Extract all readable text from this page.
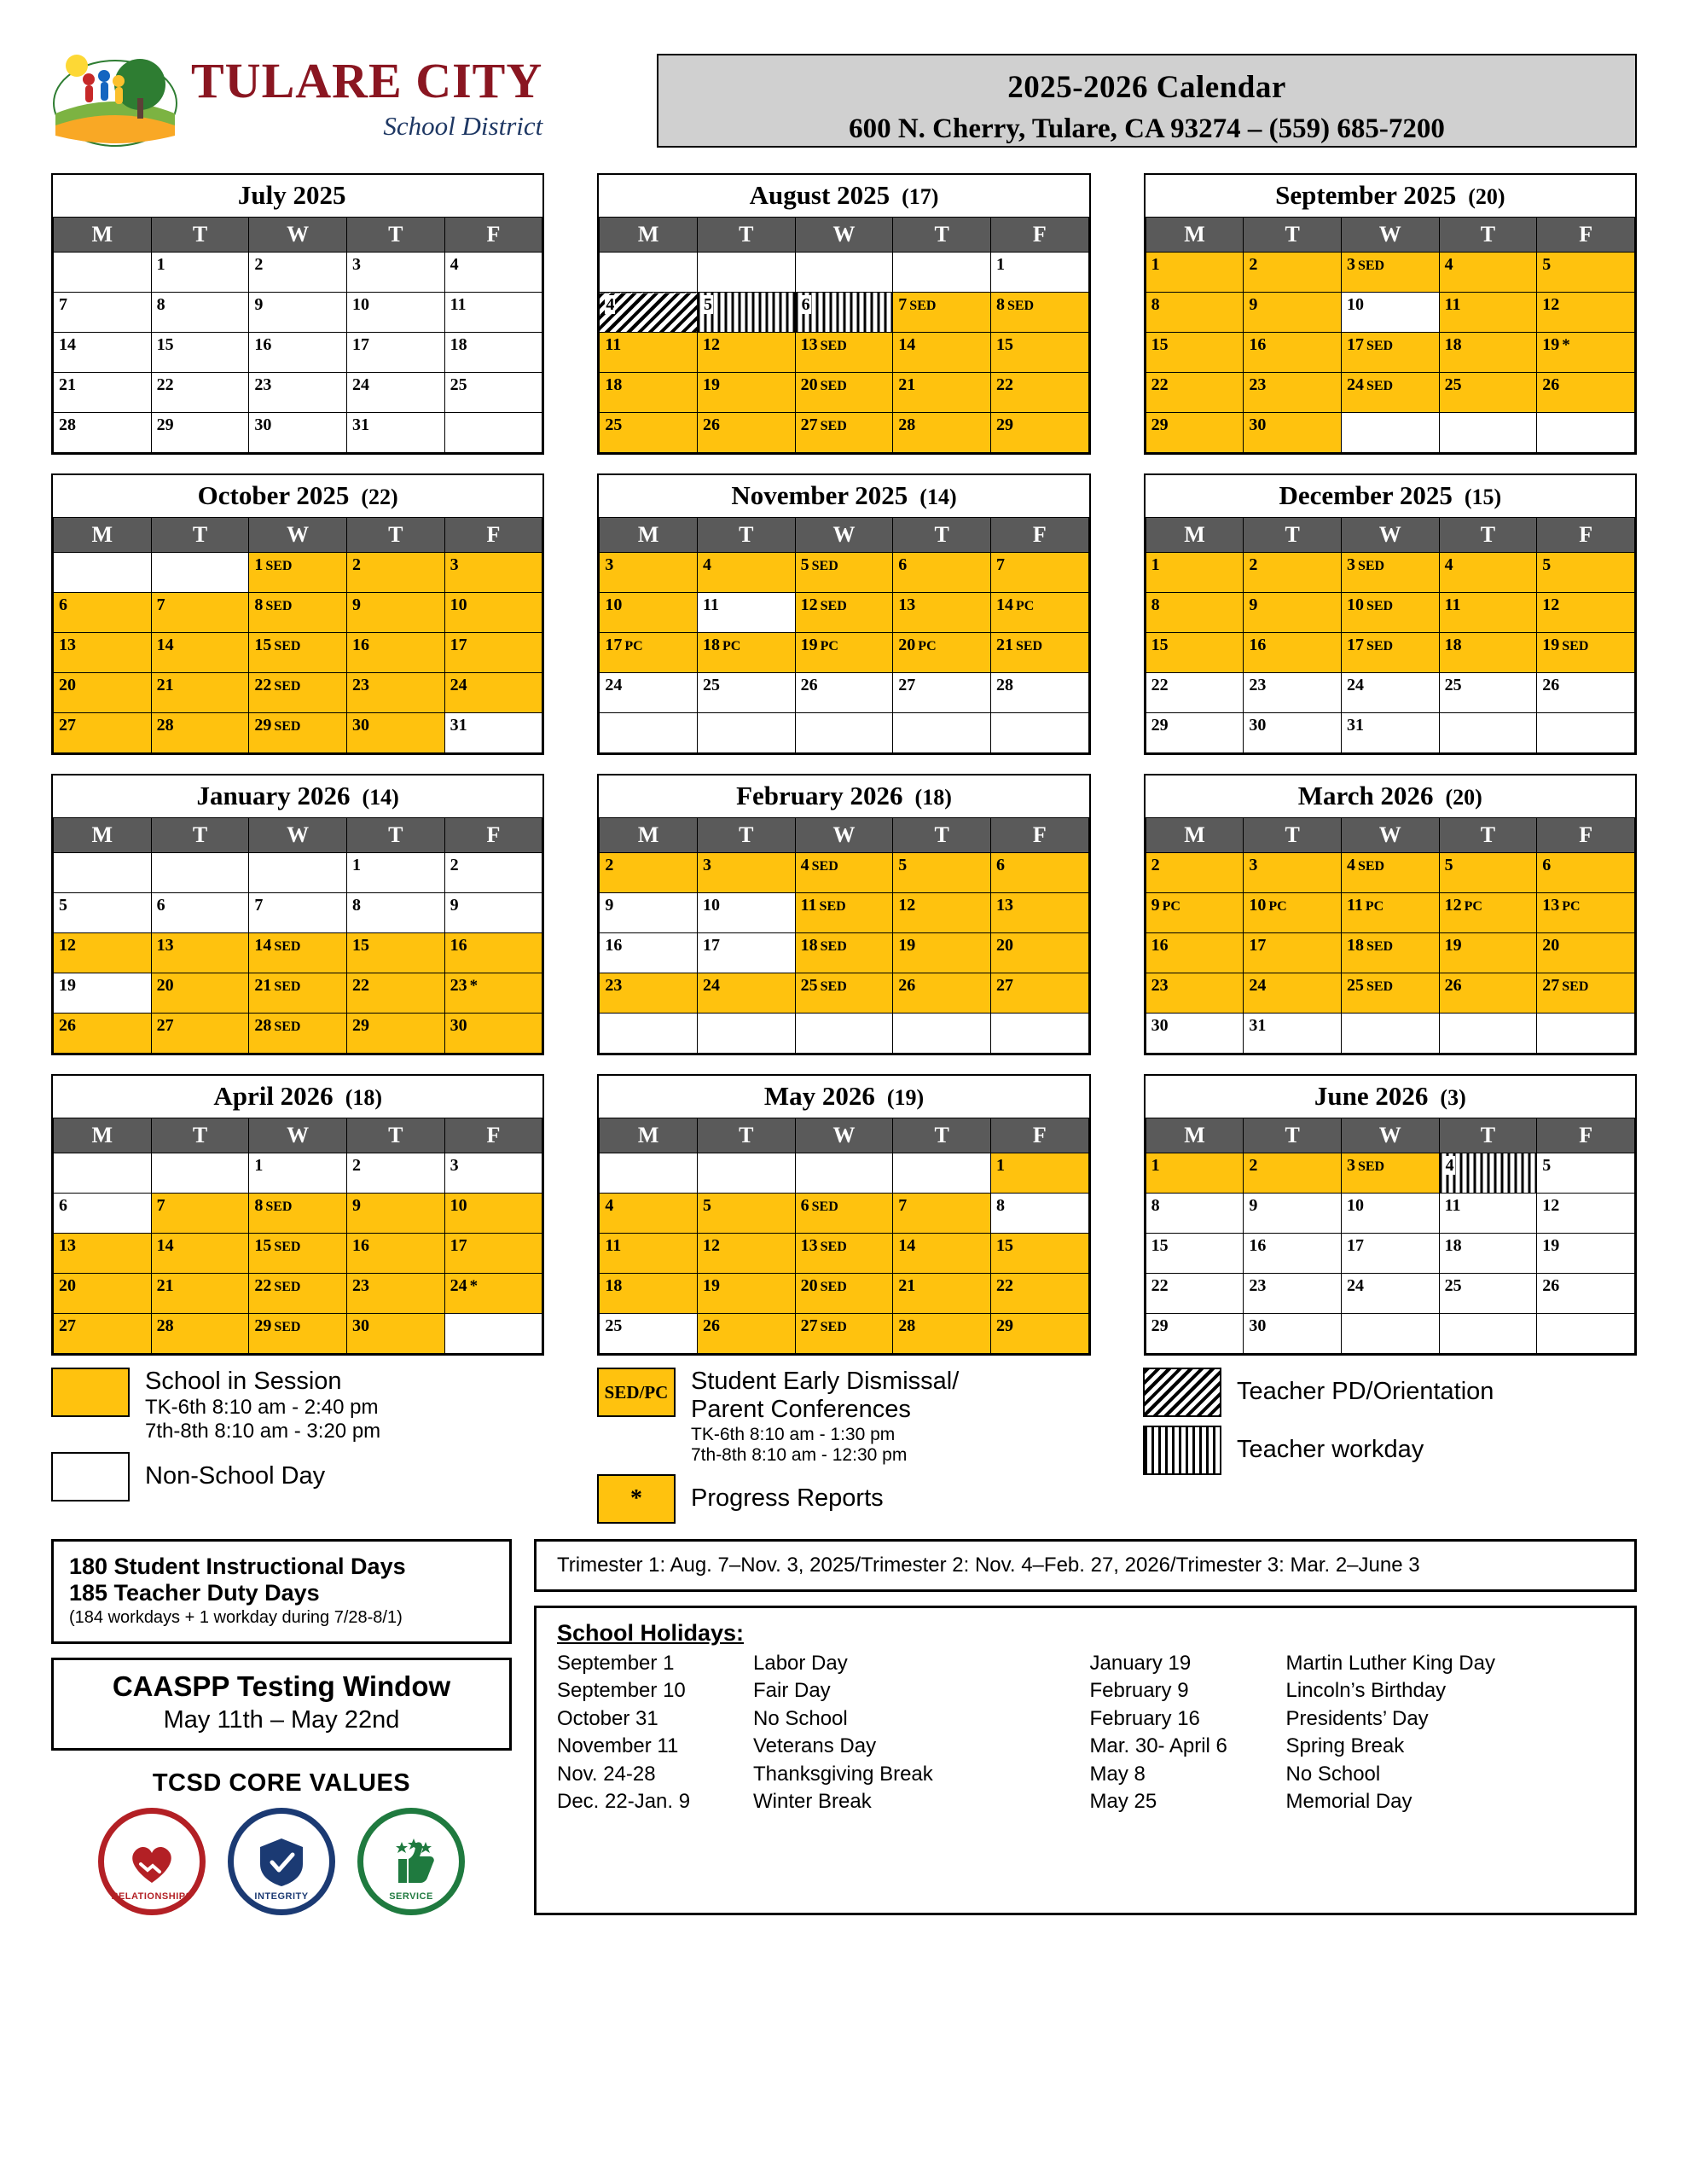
TULARE CITY
School District
2025-2026 Calendar
600 N. Cherry, Tulare, CA 93274 – (559) 685-7200
July 2025
M	T	W	T	F
	1	2	3	4
7	8	9	10	11
14	15	16	17	18
21	22	23	24	25
28	29	30	31	
August 2025 (17)
M	T	W	T	F
				1
4	5	6	7 SED	8 SED
11	12	13 SED	14	15
18	19	20 SED	21	22
25	26	27 SED	28	29
September 2025 (20)
M	T	W	T	F
1	2	3 SED	4	5
8	9	10	11	12
15	16	17 SED	18	19 *
22	23	24 SED	25	26
29	30			
October 2025 (22)
M	T	W	T	F
		1 SED	2	3
6	7	8 SED	9	10
13	14	15 SED	16	17
20	21	22 SED	23	24
27	28	29 SED	30	31
November 2025 (14)
M	T	W	T	F
3	4	5 SED	6	7
10	11	12 SED	13	14 PC
17 PC	18 PC	19 PC	20 PC	21 SED
24	25	26	27	28

December 2025 (15)
M	T	W	T	F
1	2	3 SED	4	5
8	9	10 SED	11	12
15	16	17 SED	18	19 SED
22	23	24	25	26
29	30	31		
January 2026 (14)
M	T	W	T	F
			1	2
5	6	7	8	9
12	13	14 SED	15	16
19	20	21 SED	22	23 *
26	27	28 SED	29	30
February 2026 (18)
M	T	W	T	F
2	3	4 SED	5	6
9	10	11 SED	12	13
16	17	18 SED	19	20
23	24	25 SED	26	27

March 2026 (20)
M	T	W	T	F
2	3	4 SED	5	6
9 PC	10 PC	11 PC	12 PC	13 PC
16	17	18 SED	19	20
23	24	25 SED	26	27 SED
30	31			
April 2026 (18)
M	T	W	T	F
		1	2	3
6	7	8 SED	9	10
13	14	15 SED	16	17
20	21	22 SED	23	24 *
27	28	29 SED	30	
May 2026 (19)
M	T	W	T	F
				1
4	5	6 SED	7	8
11	12	13 SED	14	15
18	19	20 SED	21	22
25	26	27 SED	28	29
June 2026 (3)
M	T	W	T	F
1	2	3 SED	4	5
8	9	10	11	12
15	16	17	18	19
22	23	24	25	26
29	30			
School in Session
TK-6th 8:10 am - 2:40 pm
7th-8th 8:10 am - 3:20 pm
Non-School Day
SED/PC Student Early Dismissal/
Parent Conferences
TK-6th 8:10 am - 1:30 pm
7th-8th 8:10 am - 12:30 pm
*	Progress Reports
Teacher PD/Orientation
Teacher workday
180 Student Instructional Days
185 Teacher Duty Days
(184 workdays + 1 workday during 7/28-8/1)
CAASPP Testing Window
May 11th – May 22nd
TCSD CORE VALUES
RELATIONSHIPS	INTEGRITY	SERVICE
Trimester 1: Aug. 7–Nov. 3, 2025/Trimester 2: Nov. 4–Feb. 27, 2026/Trimester 3: Mar. 2–June 3
School Holidays:
September 1	Labor Day
September 10	Fair Day
October 31	No School
November 11	Veterans Day
Nov. 24-28	Thanksgiving Break
Dec. 22-Jan. 9	Winter Break
January 19	Martin Luther King Day
February 9	Lincoln’s Birthday
February 16	Presidents’ Day
Mar. 30- April 6	Spring Break
May 8	No School
May 25	Memorial Day
